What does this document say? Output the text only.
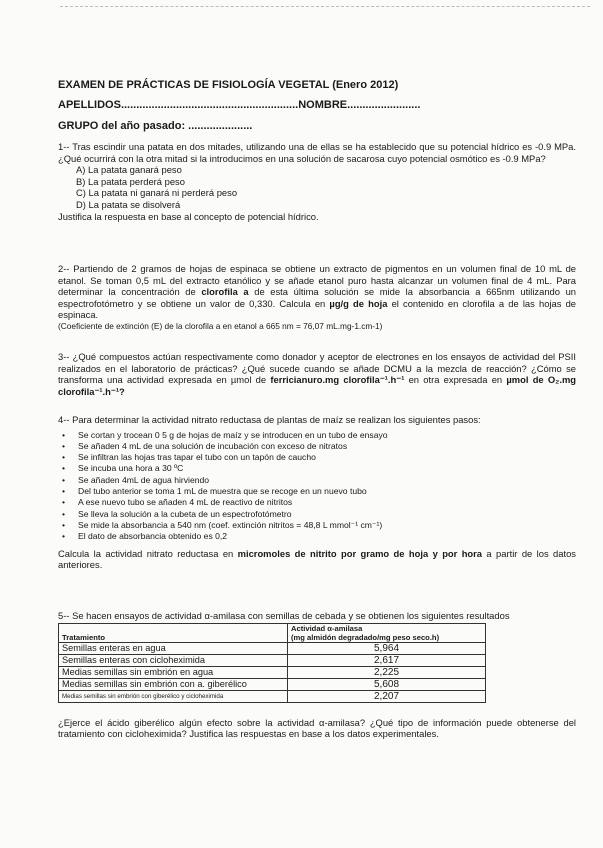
EXAMEN DE PRÁCTICAS DE FISIOLOGÍA VEGETAL (Enero 2012)
APELLIDOS..........................................................NOMBRE........................
GRUPO del año pasado: .....................
1-- Tras escindir una patata en dos mitades, utilizando una de ellas se ha establecido que su potencial hídrico es -0.9 MPa. ¿Qué ocurrirá con la otra mitad si la introducimos en una solución de sacarosa cuyo potencial osmótico es -0.9 MPa?
A) La patata ganará peso
B) La patata perderá peso
C) La patata ni ganará ni perderá peso
D) La patata se disolverá
Justifica la respuesta en base al concepto de potencial hídrico.
2-- Partiendo de 2 gramos de hojas de espinaca se obtiene un extracto de pigmentos en un volumen final de 10 mL de etanol. Se toman 0,5 mL del extracto etanólico y se añade etanol puro hasta alcanzar un volumen final de 4 mL. Para determinar la concentración de clorofila a de esta última solución se mide la absorbancia a 665nm utilizando un espectrofotómetro y se obtiene un valor de 0,330. Calcula en µg/g de hoja el contenido en clorofila a de las hojas de espinaca.
(Coeficiente de extinción (E) de la clorofila a en etanol a 665 nm = 76,07 mL.mg-1.cm-1)
3-- ¿Qué compuestos actúan respectivamente como donador y aceptor de electrones en los ensayos de actividad del PSII realizados en el laboratorio de prácticas? ¿Qué sucede cuando se añade DCMU a la mezcla de reacción? ¿Cómo se transforma una actividad expresada en µmol de ferricianuro.mg clorofila⁻¹.h⁻¹ en otra expresada en µmol de O₂.mg clorofila⁻¹.h⁻¹?
4-- Para determinar la actividad nitrato reductasa de plantas de maíz se realizan los siguientes pasos:
• Se cortan y trocean 0 5 g de hojas de maíz y se introducen en un tubo de ensayo
• Se añaden 4 mL de una solución de incubación con exceso de nitratos
• Se infiltran las hojas tras tapar el tubo con un tapón de caucho
• Se incuba una hora a 30 ºC
• Se añaden 4mL de agua hirviendo
• Del tubo anterior se toma 1 mL de muestra que se recoge en un nuevo tubo
• A ese nuevo tubo se añaden 4 mL de reactivo de nitritos
• Se lleva la solución a la cubeta de un espectrofotómetro
• Se mide la absorbancia a 540 nm (coef. extinción nitritos = 48,8 L mmol⁻¹ cm⁻¹)
• El dato de absorbancia obtenido es 0,2
Calcula la actividad nitrato reductasa en micromoles de nitrito por gramo de hoja y por hora a partir de los datos anteriores.
5-- Se hacen ensayos de actividad α-amilasa con semillas de cebada y se obtienen los siguientes resultados
Tratamiento	Actividad α-amilasa
(mg almidón degradado/mg peso seco.h)

Semillas enteras en agua	5,964
Semillas enteras con cicloheximida	2,617
Medias semillas sin embrión en agua	2,225
Medias semillas sin embrión con a. giberélico	5,608
Medias semillas sin embrión con giberélico y cicloheximida	2,207
¿Ejerce el ácido giberélico algún efecto sobre la actividad α-amilasa? ¿Qué tipo de información puede obtenerse del tratamiento con cicloheximida? Justifica las respuestas en base a los datos experimentales.
